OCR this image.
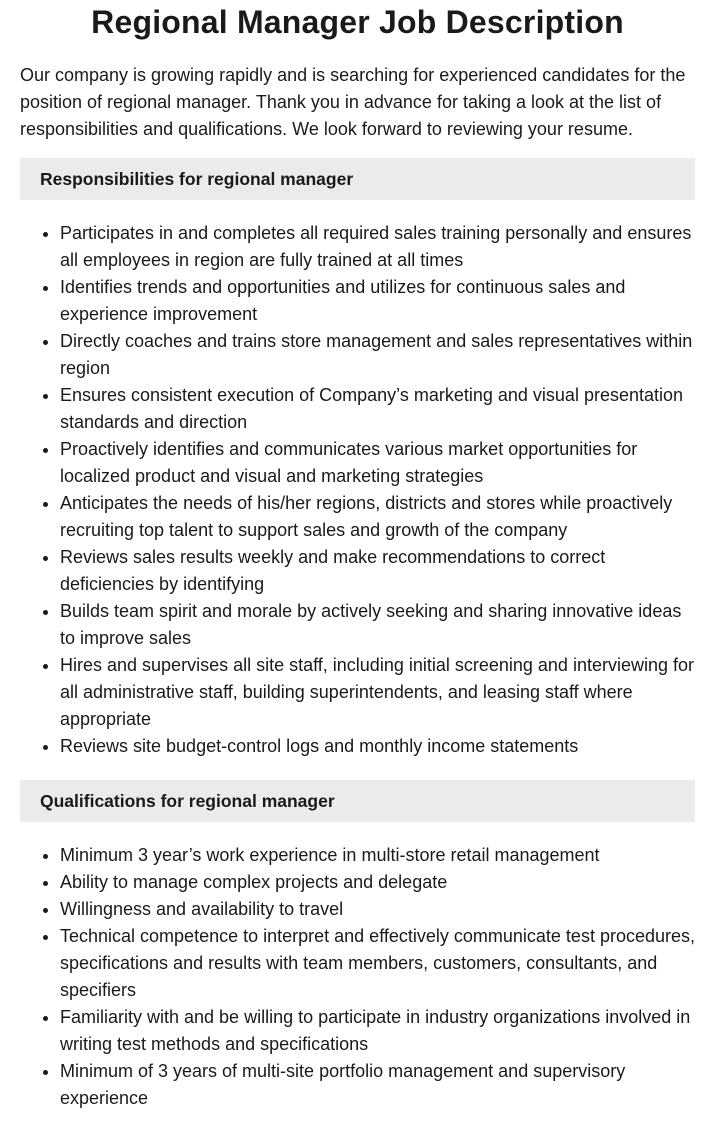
Regional Manager Job Description

Our company is growing rapidly and is searching for experienced candidates for the position of regional manager. Thank you in advance for taking a look at the list of responsibilities and qualifications. We look forward to reviewing your resume.

Responsibilities for regional manager
• Participates in and completes all required sales training personally and ensures all employees in region are fully trained at all times
• Identifies trends and opportunities and utilizes for continuous sales and experience improvement
• Directly coaches and trains store management and sales representatives within region
• Ensures consistent execution of Company’s marketing and visual presentation standards and direction
• Proactively identifies and communicates various market opportunities for localized product and visual and marketing strategies
• Anticipates the needs of his/her regions, districts and stores while proactively recruiting top talent to support sales and growth of the company
• Reviews sales results weekly and make recommendations to correct deficiencies by identifying
• Builds team spirit and morale by actively seeking and sharing innovative ideas to improve sales
• Hires and supervises all site staff, including initial screening and interviewing for all administrative staff, building superintendents, and leasing staff where appropriate
• Reviews site budget-control logs and monthly income statements
Qualifications for regional manager
• Minimum 3 year’s work experience in multi-store retail management
• Ability to manage complex projects and delegate
• Willingness and availability to travel
• Technical competence to interpret and effectively communicate test procedures, specifications and results with team members, customers, consultants, and specifiers
• Familiarity with and be willing to participate in industry organizations involved in writing test methods and specifications
• Minimum of 3 years of multi-site portfolio management and supervisory experience
